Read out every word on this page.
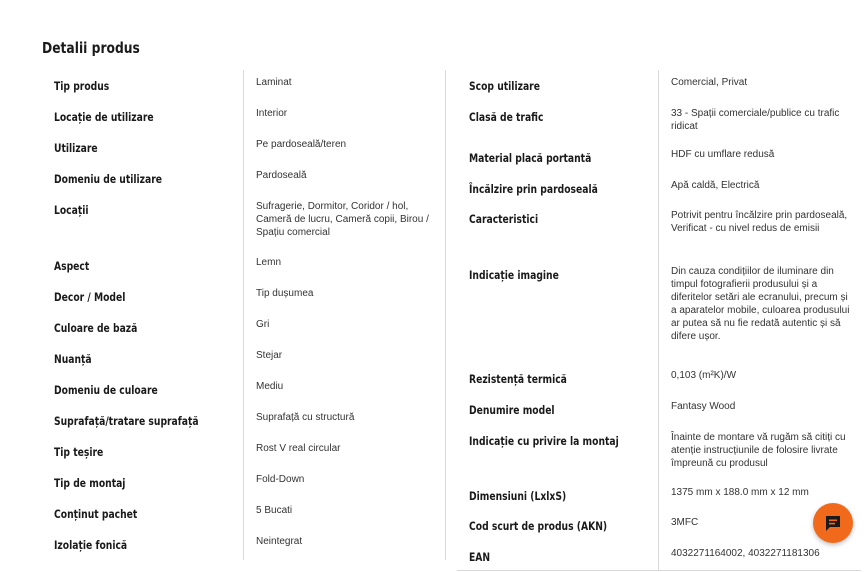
Detalii produs
Tip produs	Laminat
Locație de utilizare	Interior
Utilizare	Pe pardoseală/teren
Domeniu de utilizare	Pardoseală
Locații	Sufragerie, Dormitor, Coridor / hol, Cameră de lucru, Cameră copii, Birou / Spațiu comercial
Aspect	Lemn
Decor / Model	Tip dușumea
Culoare de bază	Gri
Nuanță	Stejar
Domeniu de culoare	Mediu
Suprafață/tratare suprafață	Suprafață cu structură
Tip teșire	Rost V real circular
Tip de montaj	Fold-Down
Conținut pachet	5 Bucati
Izolație fonică	Neintegrat
Scop utilizare	Comercial, Privat
Clasă de trafic	33 - Spații comerciale/publice cu trafic ridicat
Material placă portantă	HDF cu umflare redusă
Încălzire prin pardoseală	Apă caldă, Electrică
Caracteristici	Potrivit pentru încălzire prin pardoseală, Verificat - cu nivel redus de emisii
Indicație imagine	Din cauza condițiilor de iluminare din timpul fotografierii produsului și a diferitelor setări ale ecranului, precum și a aparatelor mobile, culoarea produsului ar putea să nu fie redată autentic și să difere ușor.
Rezistență termică	0,103 (m²K)/W
Denumire model	Fantasy Wood
Indicație cu privire la montaj	Înainte de montare vă rugăm să citiți cu atenție instrucțiunile de folosire livrate împreună cu produsul
Dimensiuni (LxlxS)	1375 mm x 188.0 mm x 12 mm
Cod scurt de produs (AKN)	3MFC
EAN	4032271164002, 4032271181306
